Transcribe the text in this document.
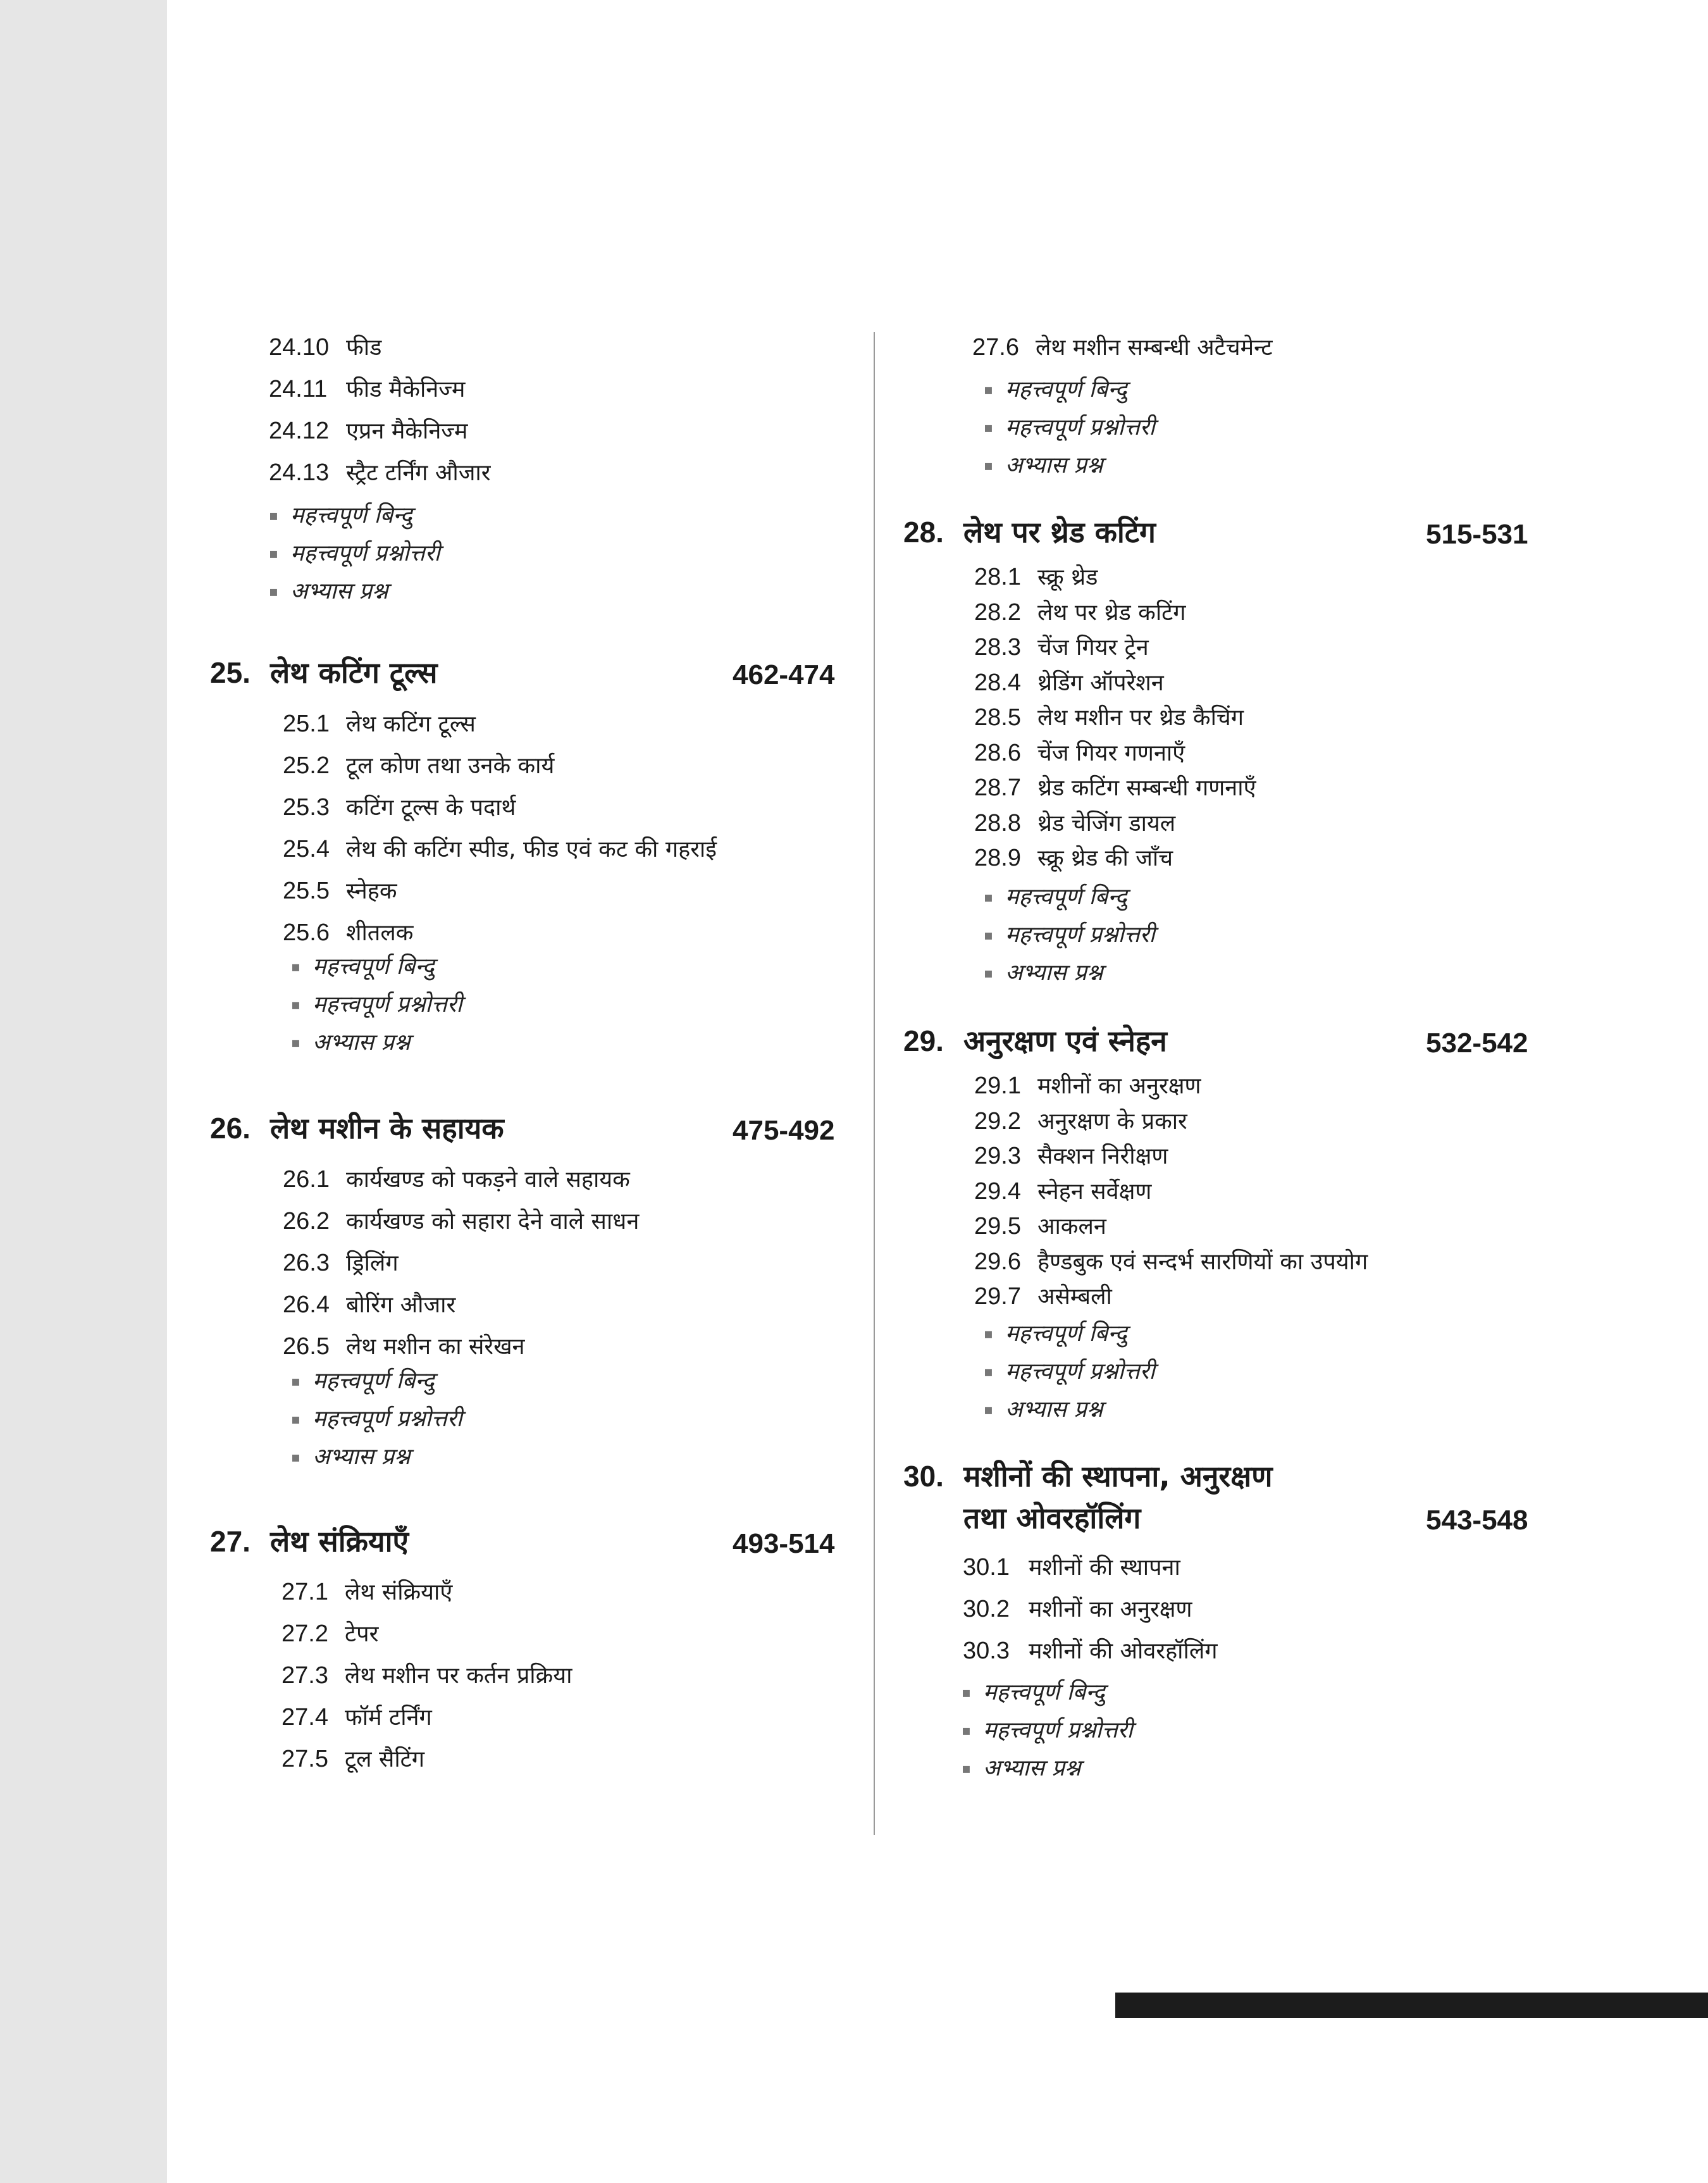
24.10 फीड
24.11 फीड मैकेनिज्म
24.12 एप्रन मैकेनिज्म
24.13 स्ट्रैट टर्निंग औजार
▪ महत्त्वपूर्ण बिन्दु
▪ महत्त्वपूर्ण प्रश्नोत्तरी
▪ अभ्यास प्रश्न
25. लेथ कटिंग टूल्स	462-474
25.1 लेथ कटिंग टूल्स
25.2 टूल कोण तथा उनके कार्य
25.3 कटिंग टूल्स के पदार्थ
25.4 लेथ की कटिंग स्पीड, फीड एवं कट की गहराई
25.5 स्नेहक
25.6 शीतलक
▪ महत्त्वपूर्ण बिन्दु
▪ महत्त्वपूर्ण प्रश्नोत्तरी
▪ अभ्यास प्रश्न
26. लेथ मशीन के सहायक	475-492
26.1 कार्यखण्ड को पकड़ने वाले सहायक
26.2 कार्यखण्ड को सहारा देने वाले साधन
26.3 ड्रिलिंग
26.4 बोरिंग औजार
26.5 लेथ मशीन का संरेखन
▪ महत्त्वपूर्ण बिन्दु
▪ महत्त्वपूर्ण प्रश्नोत्तरी
▪ अभ्यास प्रश्न
27. लेथ संक्रियाएँ	493-514
27.1 लेथ संक्रियाएँ
27.2 टेपर
27.3 लेथ मशीन पर कर्तन प्रक्रिया
27.4 फॉर्म टर्निंग
27.5 टूल सैटिंग
27.6 लेथ मशीन सम्बन्धी अटैचमेन्ट
▪ महत्त्वपूर्ण बिन्दु
▪ महत्त्वपूर्ण प्रश्नोत्तरी
▪ अभ्यास प्रश्न
28. लेथ पर थ्रेड कटिंग	515-531
28.1 स्क्रू थ्रेड
28.2 लेथ पर थ्रेड कटिंग
28.3 चेंज गियर ट्रेन
28.4 थ्रेडिंग ऑपरेशन
28.5 लेथ मशीन पर थ्रेड कैचिंग
28.6 चेंज गियर गणनाएँ
28.7 थ्रेड कटिंग सम्बन्धी गणनाएँ
28.8 थ्रेड चेजिंग डायल
28.9 स्क्रू थ्रेड की जाँच
▪ महत्त्वपूर्ण बिन्दु
▪ महत्त्वपूर्ण प्रश्नोत्तरी
▪ अभ्यास प्रश्न
29. अनुरक्षण एवं स्नेहन	532-542
29.1 मशीनों का अनुरक्षण
29.2 अनुरक्षण के प्रकार
29.3 सैक्शन निरीक्षण
29.4 स्नेहन सर्वेक्षण
29.5 आकलन
29.6 हैण्डबुक एवं सन्दर्भ सारणियों का उपयोग
29.7 असेम्बली
▪ महत्त्वपूर्ण बिन्दु
▪ महत्त्वपूर्ण प्रश्नोत्तरी
▪ अभ्यास प्रश्न
30. मशीनों की स्थापना, अनुरक्षण
तथा ओवरहॉलिंग	543-548
30.1 मशीनों की स्थापना
30.2 मशीनों का अनुरक्षण
30.3 मशीनों की ओवरहॉलिंग
▪ महत्त्वपूर्ण बिन्दु
▪ महत्त्वपूर्ण प्रश्नोत्तरी
▪ अभ्यास प्रश्न
